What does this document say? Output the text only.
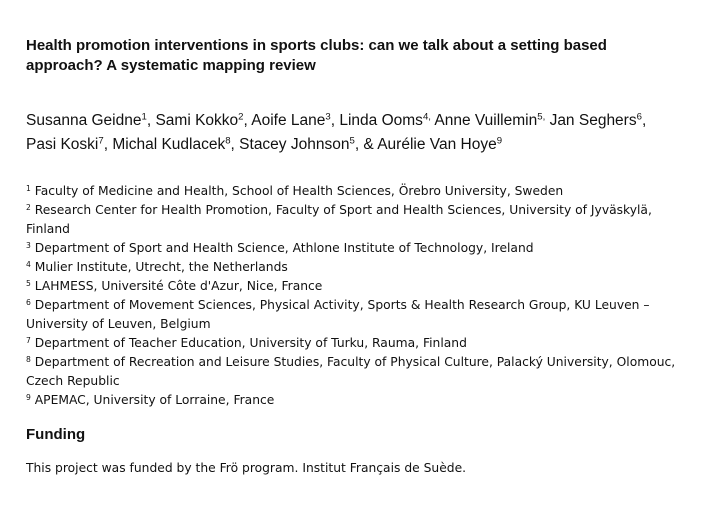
Health promotion interventions in sports clubs: can we talk about a setting based approach? A systematic mapping review

Susanna Geidne$^1$, Sami Kokko$^2$, Aoife Lane$^3$, Linda Ooms$^{4,}$ Anne Vuillemin$^{5,}$ Jan Seghers$^6$, Pasi Koski$^7$, Michal Kudlacek$^8$, Stacey Johnson$^5$, & Aurélie Van Hoye$^9$

$^1$ Faculty of Medicine and Health, School of Health Sciences, Örebro University, Sweden
$^2$ Research Center for Health Promotion, Faculty of Sport and Health Sciences, University of Jyväskylä, Finland
$^3$ Department of Sport and Health Science, Athlone Institute of Technology, Ireland
$^4$ Mulier Institute, Utrecht, the Netherlands
$^5$ LAHMESS, Université Côte d'Azur, Nice, France
$^6$ Department of Movement Sciences, Physical Activity, Sports & Health Research Group, KU Leuven – University of Leuven, Belgium
$^7$ Department of Teacher Education, University of Turku, Rauma, Finland
$^8$ Department of Recreation and Leisure Studies, Faculty of Physical Culture, Palacký University, Olomouc, Czech Republic
$^9$ APEMAC, University of Lorraine, France
Funding

This project was funded by the Frö program. Institut Français de Suède.
